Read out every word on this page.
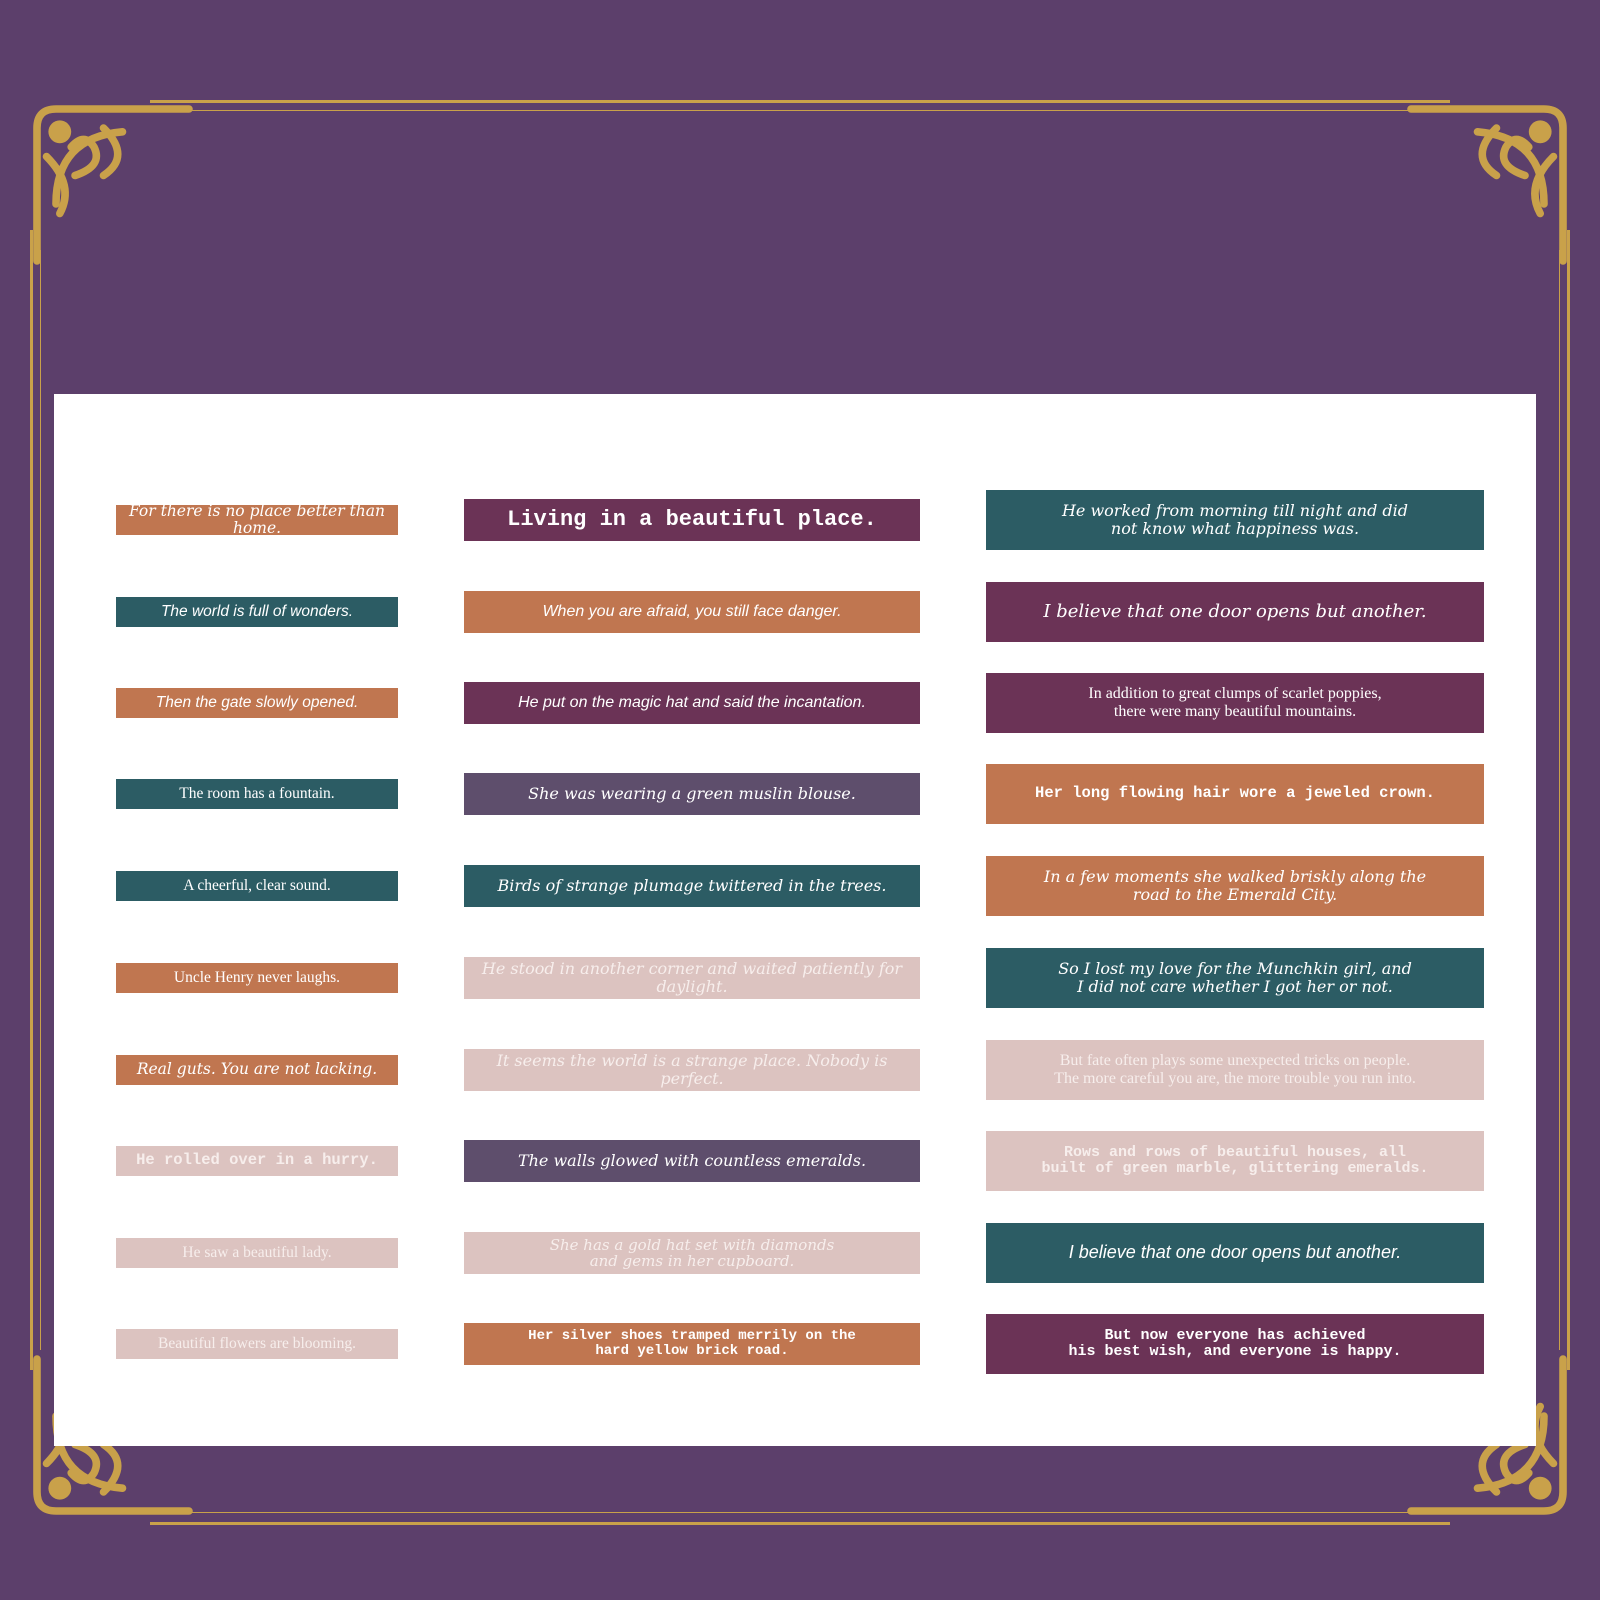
For there is no place better than home.
The world is full of wonders.
Then the gate slowly opened.
The room has a fountain.
A cheerful, clear sound.
Uncle Henry never laughs.
Real guts. You are not lacking.
He rolled over in a hurry.
He saw a beautiful lady.
Beautiful flowers are blooming.
Living in a beautiful place.
When you are afraid, you still face danger.
He put on the magic hat and said the incantation.
She was wearing a green muslin blouse.
Birds of strange plumage twittered in the trees.
He stood in another corner and waited patiently for daylight.
It seems the world is a strange place. Nobody is perfect.
The walls glowed with countless emeralds.
She has a gold hat set with diamonds
and gems in her cupboard.
Her silver shoes tramped merrily on the
hard yellow brick road.
He worked from morning till night and did
not know what happiness was.
I believe that one door opens but another.
In addition to great clumps of scarlet poppies,
there were many beautiful mountains.
Her long flowing hair wore a jeweled crown.
In a few moments she walked briskly along the
road to the Emerald City.
So I lost my love for the Munchkin girl, and
I did not care whether I got her or not.
But fate often plays some unexpected tricks on people.
The more careful you are, the more trouble you run into.
Rows and rows of beautiful houses, all
built of green marble, glittering emeralds.
I believe that one door opens but another.
But now everyone has achieved
his best wish, and everyone is happy.
